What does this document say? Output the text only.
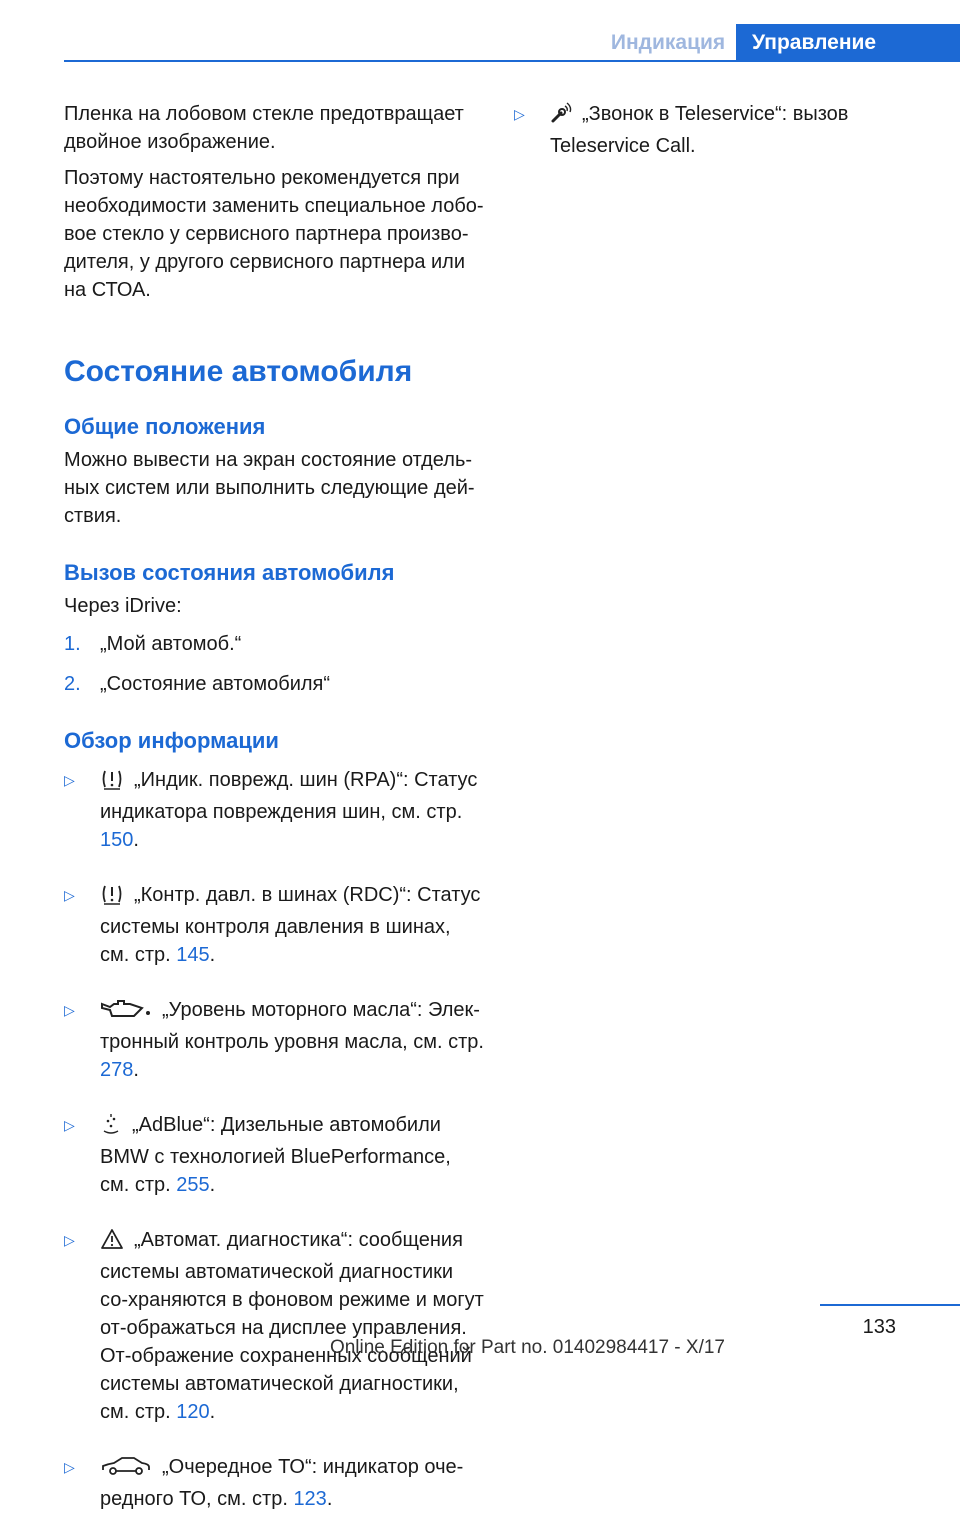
Индикация	Управление

Пленка на лобовом стекле предотвращает двойное изображение.

Поэтому настоятельно рекомендуется при необходимости заменить специальное лобо-вое стекло у сервисного партнера произво-дителя, у другого сервисного партнера или на СТОА.

Состояние автомобиля
Общие положения

Можно вывести на экран состояние отдель-ных систем или выполнить следующие дей-ствия.

Вызов состояния автомобиля

Через iDrive:

1. „Мой автомоб.“
2. „Состояние автомобиля“
Обзор информации
▷	„Индик. поврежд. шин (RPA)“: Статус индикатора повреждения шин, см. стр. 150.
▷	„Контр. давл. в шинах (RDC)“: Статус системы контроля давления в шинах, см. стр. 145.
▷	„Уровень моторного масла“: Элек-тронный контроль уровня масла, см. стр. 278.
▷	„AdBlue“: Дизельные автомобили BMW с технологией BluePerformance, см. стр. 255.
▷	„Автомат. диагностика“: сообщения системы автоматической диагностики со-храняются в фоновом режиме и могут от-ображаться на дисплее управления. От-ображение сохраненных сообщений системы автоматической диагностики, см. стр. 120.
▷	„Очередное ТО“: индикатор оче-редного ТО, см. стр. 123.
▷	„Звонок в Teleservice“: вызов Teleservice Call.
133
Online Edition for Part no. 01402984417 - X/17
